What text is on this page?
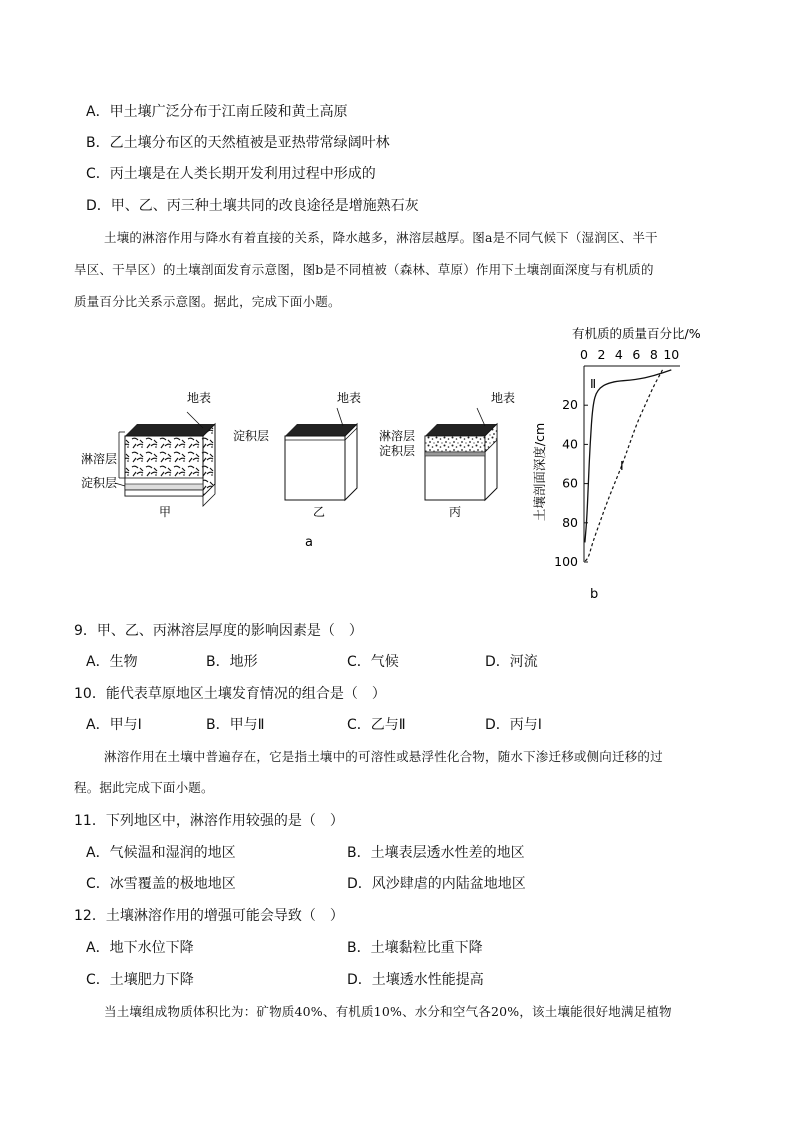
A．甲土壤广泛分布于江南丘陵和黄土高原
B．乙土壤分布区的天然植被是亚热带常绿阔叶林
C．丙土壤是在人类长期开发利用过程中形成的
D．甲、乙、丙三种土壤共同的改良途径是增施熟石灰
土壤的淋溶作用与降水有着直接的关系，降水越多，淋溶层越厚。图a是不同气候下（湿润区、半干
旱区、干旱区）的土壤剖面发育示意图，图b是不同植被（森林、草原）作用下土壤剖面深度与有机质的
质量百分比关系示意图。据此，完成下面小题。
地表
淋溶层
淀积层
甲
地表
淀积层
乙
地表
淋溶层
淀积层
丙
a
有机质的质量百分比/%
0 2 4 6 8 10
20
40
60
80
100
土壤剖面深度/cm
Ⅱ
Ⅰ
b
9．甲、乙、丙淋溶层厚度的影响因素是（　）
A．生物	B．地形	C．气候	D．河流
10．能代表草原地区土壤发育情况的组合是（　）
A．甲与Ⅰ	B．甲与Ⅱ	C．乙与Ⅱ	D．丙与Ⅰ
淋溶作用在土壤中普遍存在，它是指土壤中的可溶性或悬浮性化合物，随水下渗迁移或侧向迁移的过
程。据此完成下面小题。
11．下列地区中，淋溶作用较强的是（　）
A．气候温和湿润的地区	B．土壤表层透水性差的地区
C．冰雪覆盖的极地地区	D．风沙肆虐的内陆盆地地区
12．土壤淋溶作用的增强可能会导致（　）
A．地下水位下降	B．土壤黏粒比重下降
C．土壤肥力下降	D．土壤透水性能提高
当土壤组成物质体积比为：矿物质40%、有机质10%、水分和空气各20%，该土壤能很好地满足植物
